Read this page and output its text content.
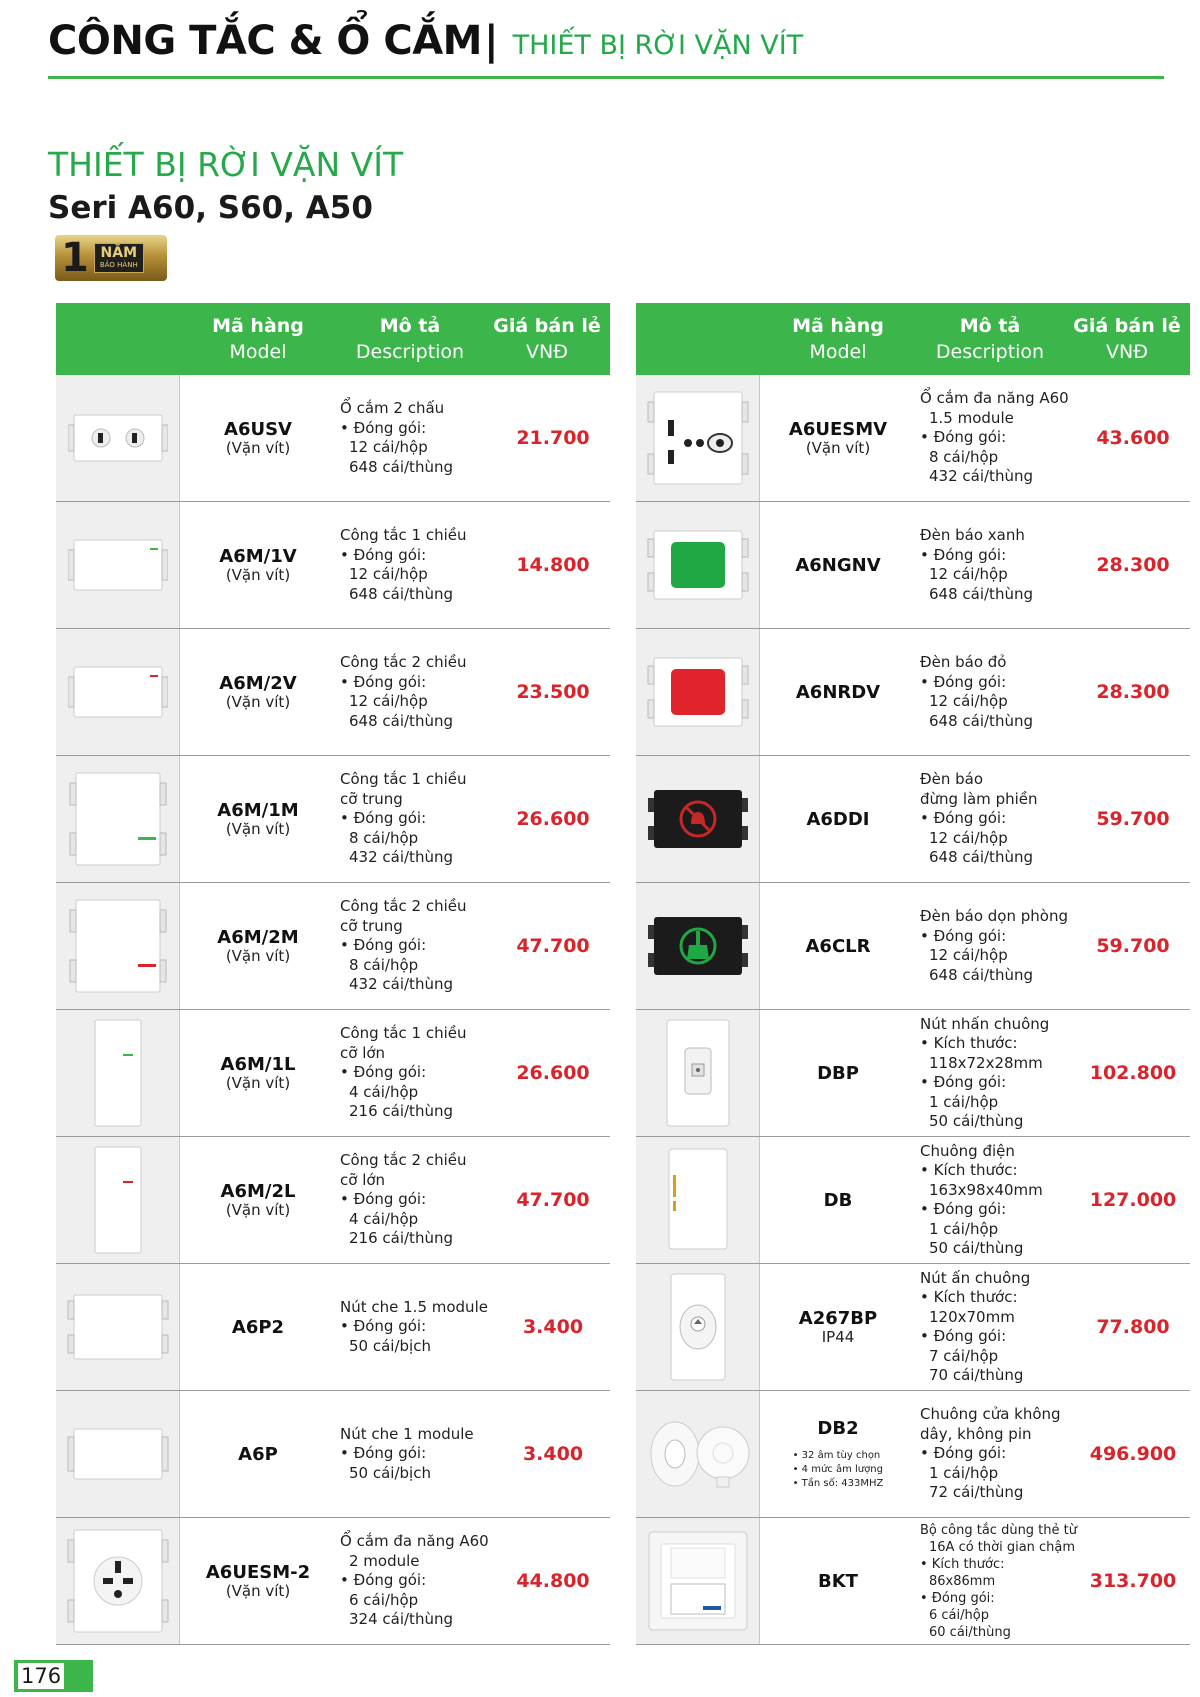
CÔNG TẮC & Ổ CẮM | THIẾT BỊ RỜI VẶN VÍT
THIẾT BỊ RỜI VẶN VÍT
Seri A60, S60, A50
1 NĂM
BẢO HÀNH
Mã hàng
Model
Mô tả
Description
Giá bán lẻ
VNĐ
A6USV
(Vặn vít)
Ổ cắm 2 chấu
• Đóng gói:
12 cái/hộp
648 cái/thùng
21.700
A6M/1V
(Vặn vít)
Công tắc 1 chiều
• Đóng gói:
12 cái/hộp
648 cái/thùng
14.800
A6M/2V
(Vặn vít)
Công tắc 2 chiều
• Đóng gói:
12 cái/hộp
648 cái/thùng
23.500
A6M/1M
(Vặn vít)
Công tắc 1 chiều
cỡ trung
• Đóng gói:
8 cái/hộp
432 cái/thùng
26.600
A6M/2M
(Vặn vít)
Công tắc 2 chiều
cỡ trung
• Đóng gói:
8 cái/hộp
432 cái/thùng
47.700
A6M/1L
(Vặn vít)
Công tắc 1 chiều
cỡ lớn
• Đóng gói:
4 cái/hộp
216 cái/thùng
26.600
A6M/2L
(Vặn vít)
Công tắc 2 chiều
cỡ lớn
• Đóng gói:
4 cái/hộp
216 cái/thùng
47.700
A6P2
Nút che 1.5 module
• Đóng gói:
50 cái/bịch
3.400
A6P
Nút che 1 module
• Đóng gói:
50 cái/bịch
3.400
A6UESM-2
(Vặn vít)
Ổ cắm đa năng A60
2 module
• Đóng gói:
6 cái/hộp
324 cái/thùng
44.800
Mã hàng
Model
Mô tả
Description
Giá bán lẻ
VNĐ
A6UESMV
(Vặn vít)
Ổ cắm đa năng A60
1.5 module
• Đóng gói:
8 cái/hộp
432 cái/thùng
43.600
A6NGNV
Đèn báo xanh
• Đóng gói:
12 cái/hộp
648 cái/thùng
28.300
A6NRDV
Đèn báo đỏ
• Đóng gói:
12 cái/hộp
648 cái/thùng
28.300
A6DDI
Đèn báo
đừng làm phiền
• Đóng gói:
12 cái/hộp
648 cái/thùng
59.700
A6CLR
Đèn báo dọn phòng
• Đóng gói:
12 cái/hộp
648 cái/thùng
59.700
DBP
Nút nhấn chuông
• Kích thước:
118x72x28mm
• Đóng gói:
1 cái/hộp
50 cái/thùng
102.800
DB
Chuông điện
• Kích thước:
163x98x40mm
• Đóng gói:
1 cái/hộp
50 cái/thùng
127.000
A267BP
IP44
Nút ấn chuông
• Kích thước:
120x70mm
• Đóng gói:
7 cái/hộp
70 cái/thùng
77.800
DB2
• 32 âm tùy chọn
• 4 mức âm lượng
• Tần số: 433MHZ
Chuông cửa không
dây, không pin
• Đóng gói:
1 cái/hộp
72 cái/thùng
496.900
BKT
Bộ công tắc dùng thẻ từ
16A có thời gian chậm
• Kích thước:
86x86mm
• Đóng gói:
6 cái/hộp
60 cái/thùng
313.700
176
